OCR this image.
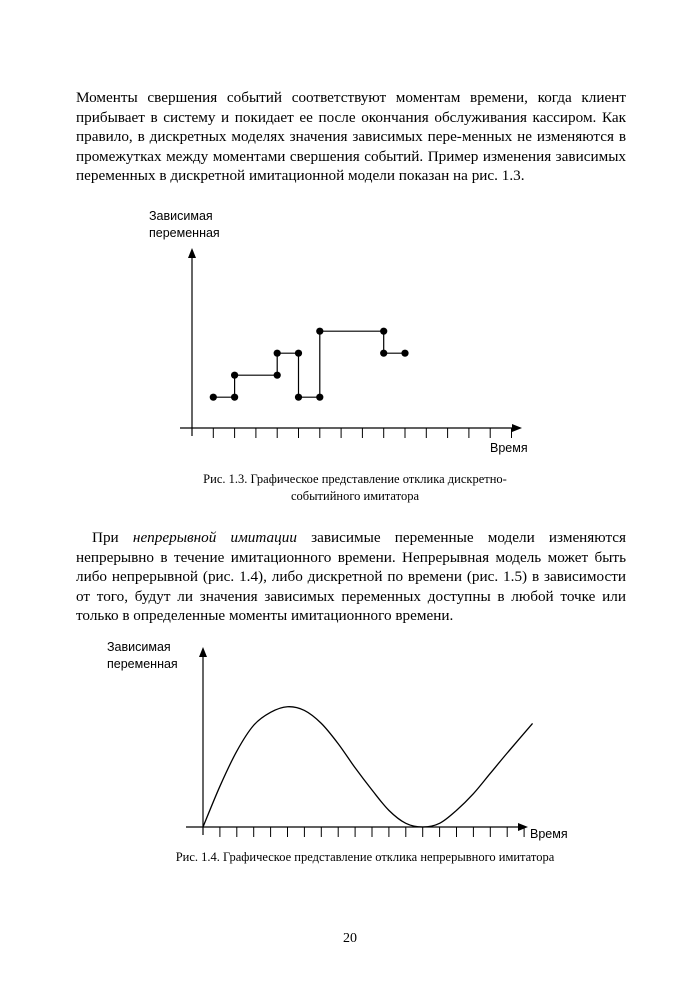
Моменты свершения событий соответствуют моментам времени, когда клиент прибывает в систему и покидает ее после окончания обслуживания кассиром. Как правило, в дискретных моделях значения зависимых пере-менных не изменяются в промежутках между моментами свершения событий. Пример изменения зависимых переменных в дискретной имитационной модели показан на рис. 1.3.

Зависимая переменная
Время

Рис. 1.3. Графическое представление отклика дискретно-
событийного имитатора

При непрерывной имитации зависимые переменные модели изменяются непрерывно в течение имитационного времени. Непрерывная модель может быть либо непрерывной (рис. 1.4), либо дискретной по времени (рис. 1.5) в зависимости от того, будут ли значения зависимых переменных доступны в любой точке или только в определенные моменты имитационного времени.

Зависимая переменная
Время

Рис. 1.4. Графическое представление отклика непрерывного имитатора

20
